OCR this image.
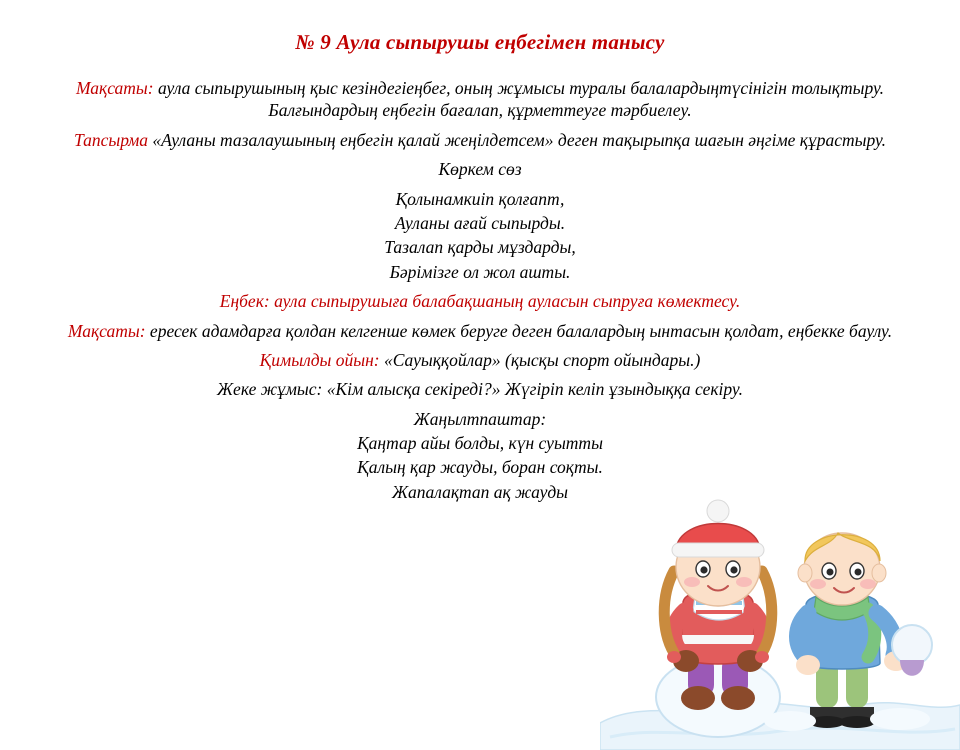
№ 9 Аула сыпырушы еңбегімен танысу

Мақсаты: аула сыпырушының қыс кезіндегіеңбег, оның жұмысы туралы балалардыңтүсінігін толықтыру. Балғындардың еңбегін бағалап, құрметтеуге тәрбиелеу.

Тапсырма «Ауланы тазалаушының еңбегін қалай жеңілдетсем» деген тақырыпқа шағын әңгіме құрастыру.

Көркем сөз

Қолынамкиіп қолғапт,

Ауланы ағай сыпырды.

Тазалап қарды мұздарды,

Бәрімізге ол жол ашты.

Еңбек: аула сыпырушыға балабақшаның ауласын сыпруға көмектесу.

Мақсаты: ересек адамдарға қолдан келгенше көмек беруге деген балалардың ынтасын қолдат, еңбекке баулу.

Қимылды ойын: «Сауыққойлар» (қысқы спорт ойындары.)

Жеке жұмыс: «Кім алысқа секіреді?» Жүгіріп келіп ұзындыққа секіру.

Жаңылтпаштар:

Қаңтар айы болды, күн суытты

Қалың қар жауды, боран соқты.

Жапалақтап ақ жауды
